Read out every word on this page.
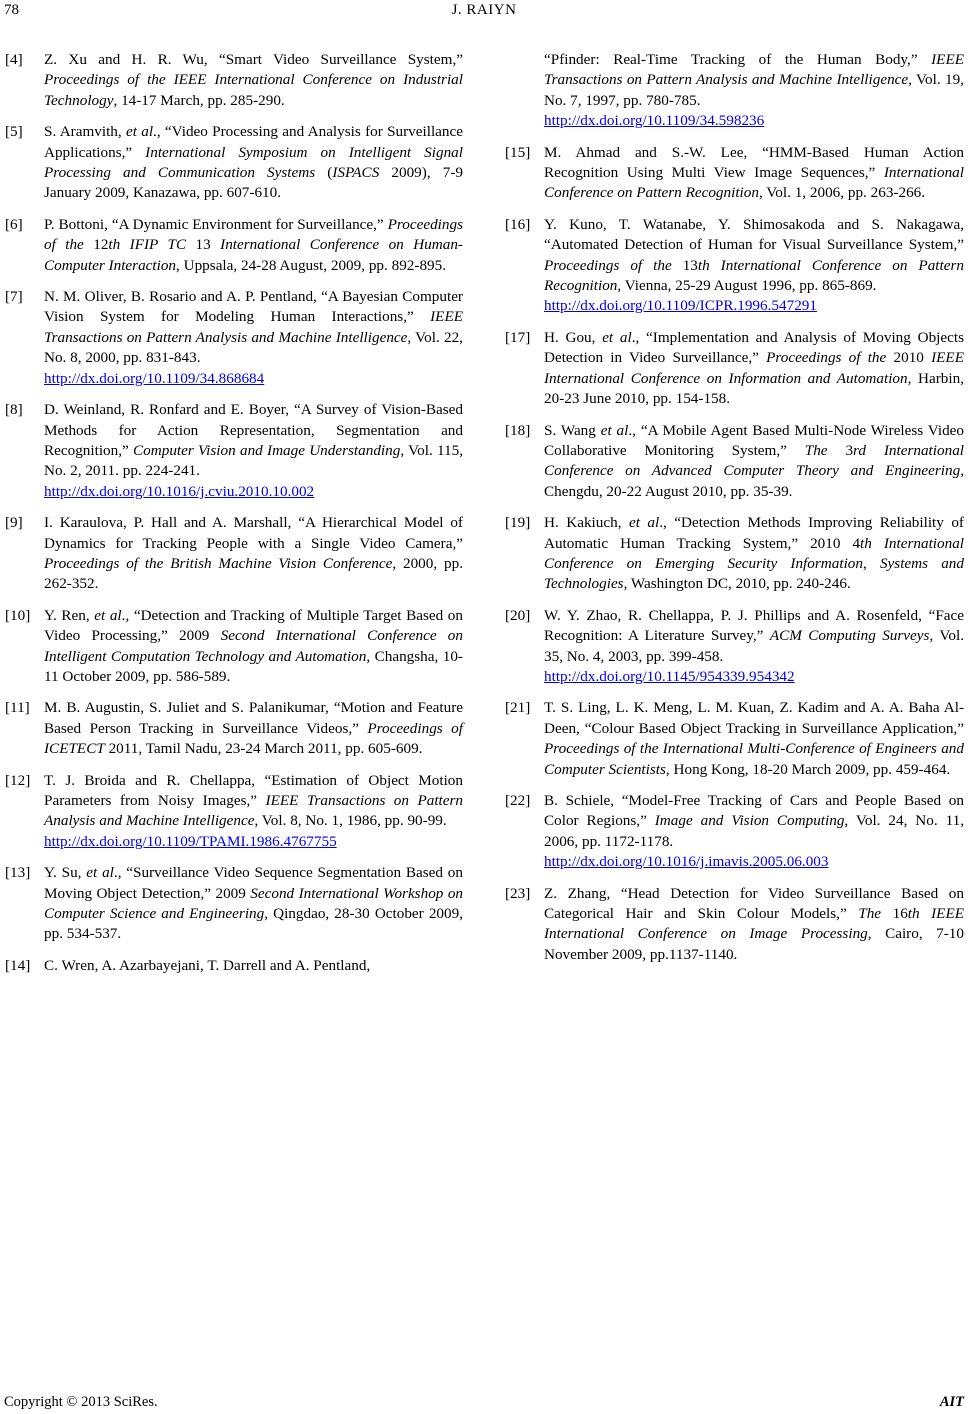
78	J. RAIYN
[4]	Z. Xu and H. R. Wu, “Smart Video Surveillance System,” Proceedings of the IEEE International Conference on Industrial Technology, 14-17 March, pp. 285-290.
[5]	S. Aramvith, et al., “Video Processing and Analysis for Surveillance Applications,” International Symposium on Intelligent Signal Processing and Communication Systems (ISPACS 2009), 7-9 January 2009, Kanazawa, pp. 607-610.
[6]	P. Bottoni, “A Dynamic Environment for Surveillance,” Proceedings of the 12th IFIP TC 13 International Conference on Human-Computer Interaction, Uppsala, 24-28 August, 2009, pp. 892-895.
[7]	N. M. Oliver, B. Rosario and A. P. Pentland, “A Bayesian Computer Vision System for Modeling Human Interactions,” IEEE Transactions on Pattern Analysis and Machine Intelligence, Vol. 22, No. 8, 2000, pp. 831-843.
http://dx.doi.org/10.1109/34.868684
[8]	D. Weinland, R. Ronfard and E. Boyer, “A Survey of Vision-Based Methods for Action Representation, Segmentation and Recognition,” Computer Vision and Image Understanding, Vol. 115, No. 2, 2011. pp. 224-241.
http://dx.doi.org/10.1016/j.cviu.2010.10.002
[9]	I. Karaulova, P. Hall and A. Marshall, “A Hierarchical Model of Dynamics for Tracking People with a Single Video Camera,” Proceedings of the British Machine Vision Conference, 2000, pp. 262-352.
[10] Y. Ren, et al., “Detection and Tracking of Multiple Target Based on Video Processing,” 2009 Second International Conference on Intelligent Computation Technology and Automation, Changsha, 10-11 October 2009, pp. 586-589.
[11] M. B. Augustin, S. Juliet and S. Palanikumar, “Motion and Feature Based Person Tracking in Surveillance Videos,” Proceedings of ICETECT 2011, Tamil Nadu, 23-24 March 2011, pp. 605-609.
[12] T. J. Broida and R. Chellappa, “Estimation of Object Motion Parameters from Noisy Images,” IEEE Transactions on Pattern Analysis and Machine Intelligence, Vol. 8, No. 1, 1986, pp. 90-99.
http://dx.doi.org/10.1109/TPAMI.1986.4767755
[13] Y. Su, et al., “Surveillance Video Sequence Segmentation Based on Moving Object Detection,” 2009 Second International Workshop on Computer Science and Engineering, Qingdao, 28-30 October 2009, pp. 534-537.
[14] C. Wren, A. Azarbayejani, T. Darrell and A. Pentland,
“Pfinder: Real-Time Tracking of the Human Body,” IEEE Transactions on Pattern Analysis and Machine Intelligence, Vol. 19, No. 7, 1997, pp. 780-785.
http://dx.doi.org/10.1109/34.598236
[15] M. Ahmad and S.-W. Lee, “HMM-Based Human Action Recognition Using Multi View Image Sequences,” International Conference on Pattern Recognition, Vol. 1, 2006, pp. 263-266.
[16] Y. Kuno, T. Watanabe, Y. Shimosakoda and S. Nakagawa, “Automated Detection of Human for Visual Surveillance System,” Proceedings of the 13th International Conference on Pattern Recognition, Vienna, 25-29 August 1996, pp. 865-869.
http://dx.doi.org/10.1109/ICPR.1996.547291
[17] H. Gou, et al., “Implementation and Analysis of Moving Objects Detection in Video Surveillance,” Proceedings of the 2010 IEEE International Conference on Information and Automation, Harbin, 20-23 June 2010, pp. 154-158.
[18] S. Wang et al., “A Mobile Agent Based Multi-Node Wireless Video Collaborative Monitoring System,” The 3rd International Conference on Advanced Computer Theory and Engineering, Chengdu, 20-22 August 2010, pp. 35-39.
[19] H. Kakiuch, et al., “Detection Methods Improving Reliability of Automatic Human Tracking System,” 2010 4th International Conference on Emerging Security Information, Systems and Technologies, Washington DC, 2010, pp. 240-246.
[20] W. Y. Zhao, R. Chellappa, P. J. Phillips and A. Rosenfeld, “Face Recognition: A Literature Survey,” ACM Computing Surveys, Vol. 35, No. 4, 2003, pp. 399-458.
http://dx.doi.org/10.1145/954339.954342
[21] T. S. Ling, L. K. Meng, L. M. Kuan, Z. Kadim and A. A. Baha Al-Deen, “Colour Based Object Tracking in Surveillance Application,” Proceedings of the International Multi-Conference of Engineers and Computer Scientists, Hong Kong, 18-20 March 2009, pp. 459-464.
[22] B. Schiele, “Model-Free Tracking of Cars and People Based on Color Regions,” Image and Vision Computing, Vol. 24, No. 11, 2006, pp. 1172-1178.
http://dx.doi.org/10.1016/j.imavis.2005.06.003
[23] Z. Zhang, “Head Detection for Video Surveillance Based on Categorical Hair and Skin Colour Models,” The 16th IEEE International Conference on Image Processing, Cairo, 7-10 November 2009, pp.1137-1140.
Copyright © 2013 SciRes.	AIT
